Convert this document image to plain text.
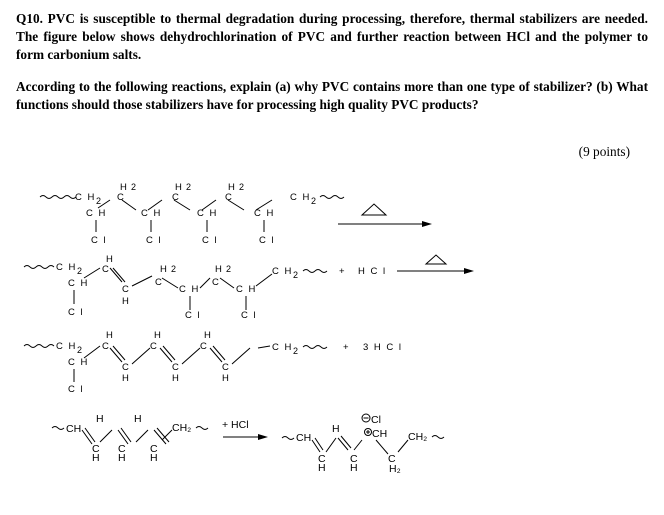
Q10. PVC is susceptible to thermal degradation during processing, therefore, thermal stabilizers are needed. The figure below shows dehydrochlorination of PVC and further reaction between HCl and the polymer to form carbonium salts.
According to the following reactions, explain (a) why PVC contains more than one type of stabilizer? (b) What functions should those stabilizers have for processing high quality PVC products?
(9 points)
C H 2 C
H 2
C
H 2
C
H 2
C H	C H	C H	C H
C l	C l	C l	C l
C H 2
C H 2
C H
C l
C
H
C
H
H 2
C
C H
C l
H 2
C
C H
C l
C H 2	+ H C l
C H 2
C H
C l
C
H
C
H
C
H
C
H
C
H
C
H
C H 2	+ 3 H C l
CH
H	H
C
H
C
H
C
H
CH₂	+ HCl
CH
C
H
H
C
H
Cl
CH
C
H₂
CH₂
